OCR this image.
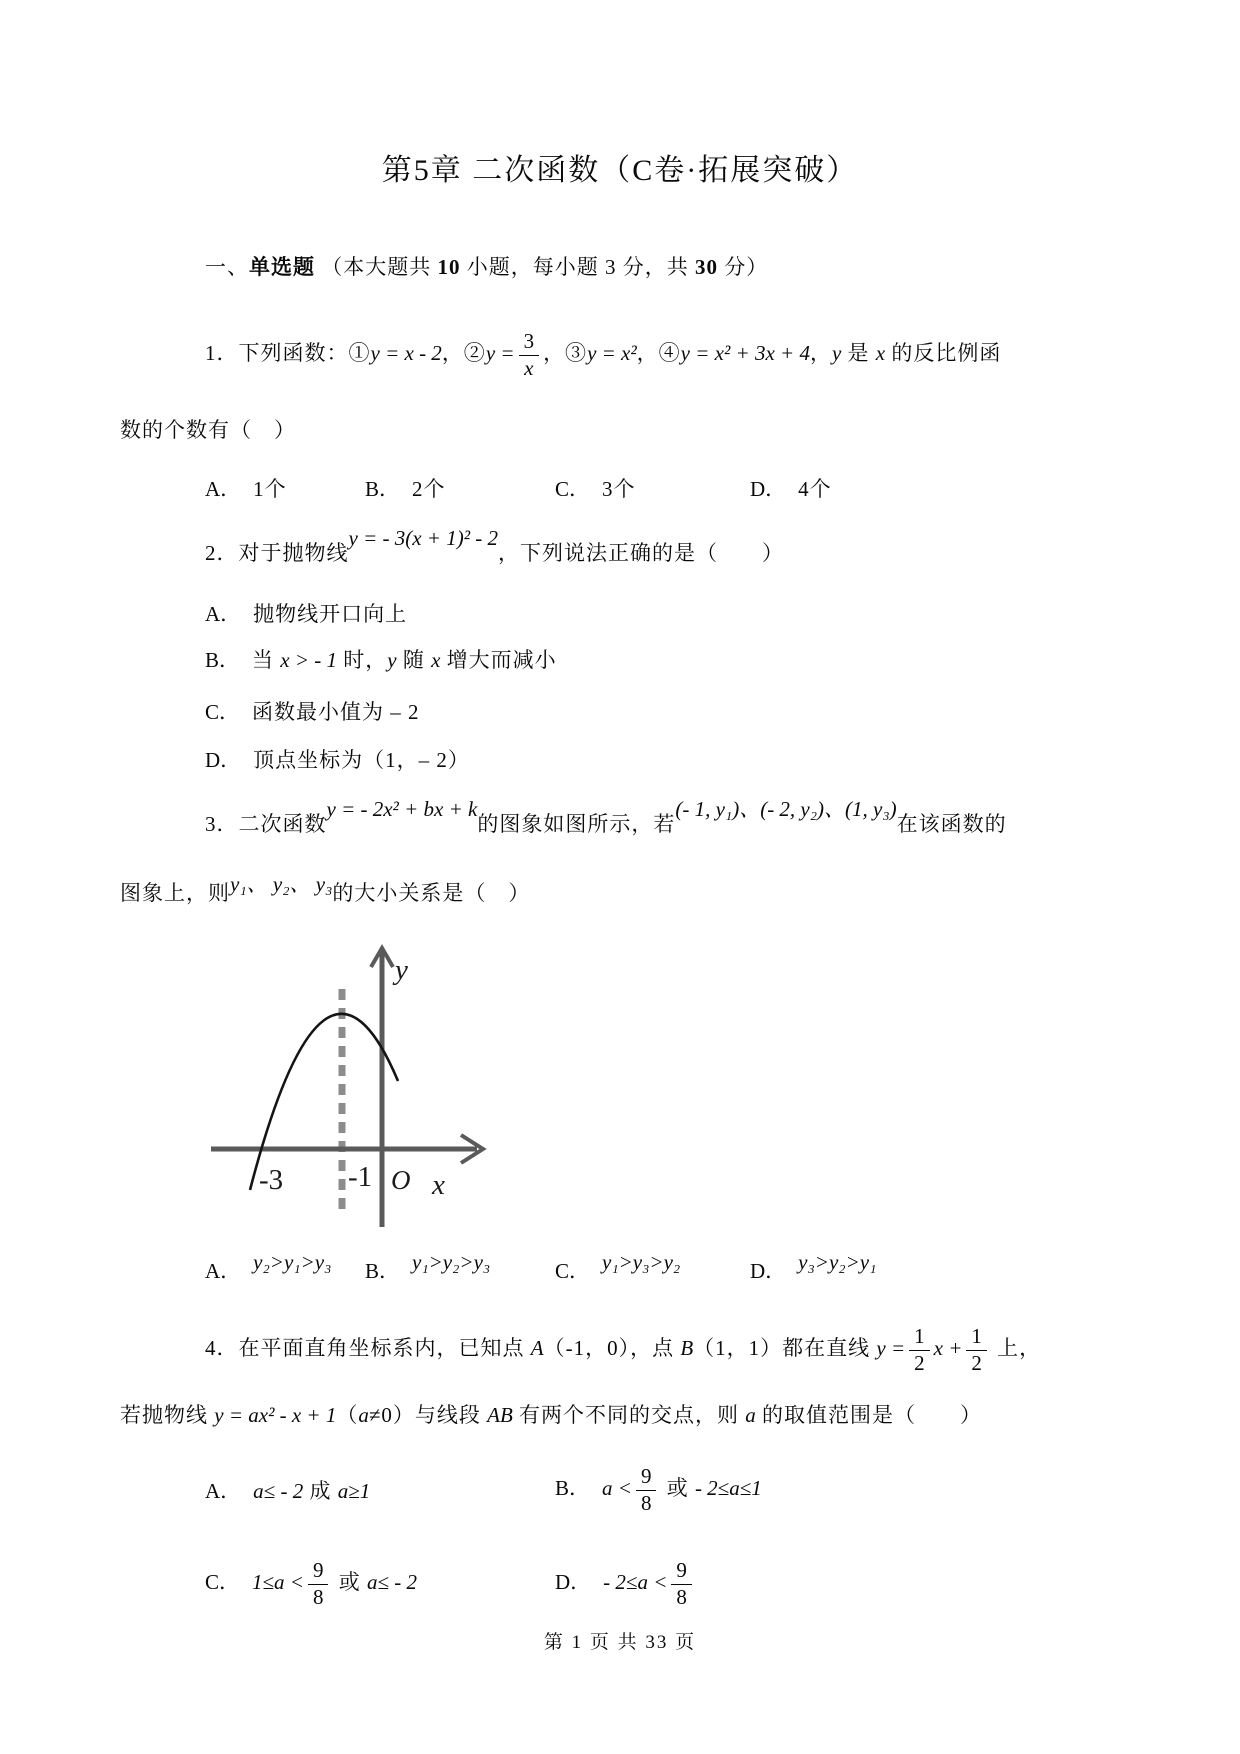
第5章 二次函数（C卷·拓展突破）
一、单选题 （本大题共 10 小题，每小题 3 分，共 30 分）
1．下列函数：①y = x - 2，②y = $\frac{3}{x}$ ，③y = x²，④y = x² + 3x + 4，y 是 x 的反比例函
数的个数有（　）
A． 1个	B． 2个	C． 3个	D． 4个
2．对于抛物线y = - 3(x + 1)² - 2，下列说法正确的是（　　）
A． 抛物线开口向上
B． 当 x > - 1 时，y 随 x 增大而减小
C． 函数最小值为 – 2
D． 顶点坐标为（1，– 2）
3．二次函数y = - 2x² + bx + k的图象如图所示，若(- 1, y₁)、(- 2, y₂)、(1, y₃)在该函数的
图象上，则y₁、 y₂、 y₃的大小关系是（　）
y
x
O
-3 -1
A． y₂>y₁>y₃	B． y₁>y₂>y₃	C． y₁>y₃>y₂	D． y₃>y₂>y₁
4．在平面直角坐标系内，已知点 A（-1，0），点 B（1，1）都在直线 $y = \frac{1}{2}$ $x + \frac{1}{2}$ 上，
若抛物线 y = ax² - x + 1（a≠0）与线段 AB 有两个不同的交点，则 a 的取值范围是（　　）
A． a≤ - 2 成 a≥1	B． $a < \frac{9}{8}$ 或 - 2≤a≤1
C． $1\le a < \frac{9}{8}$ 或 a≤ - 2	D． - $2\le a < \frac{9}{8}$
第 1 页 共 33 页
